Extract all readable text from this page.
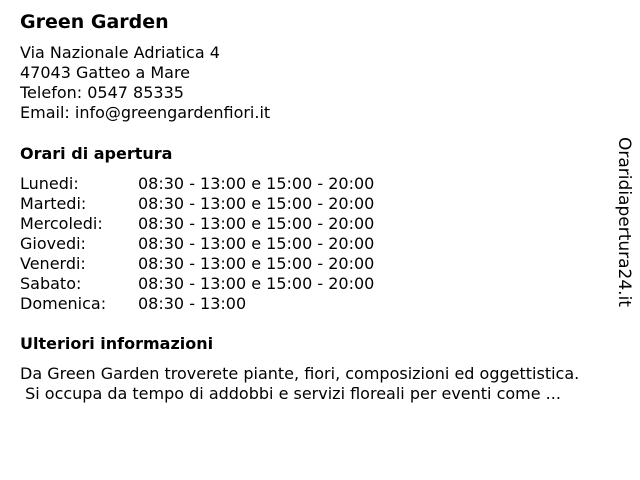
Green Garden
Via Nazionale Adriatica 4
47043 Gatteo a Mare
Telefon: 0547 85335
Email: info@greengardenfiori.it
Orari di apertura
Lunedi:	08:30 - 13:00 e 15:00 - 20:00
Martedi:	08:30 - 13:00 e 15:00 - 20:00
Mercoledi:	08:30 - 13:00 e 15:00 - 20:00
Giovedi:	08:30 - 13:00 e 15:00 - 20:00
Venerdi:	08:30 - 13:00 e 15:00 - 20:00
Sabato:	08:30 - 13:00 e 15:00 - 20:00
Domenica:	08:30 - 13:00
Ulteriori informazioni
Da Green Garden troverete piante, fiori, composizioni ed oggettistica.
Si occupa da tempo di addobbi e servizi floreali per eventi come ...
Oraridiapertura24.it
